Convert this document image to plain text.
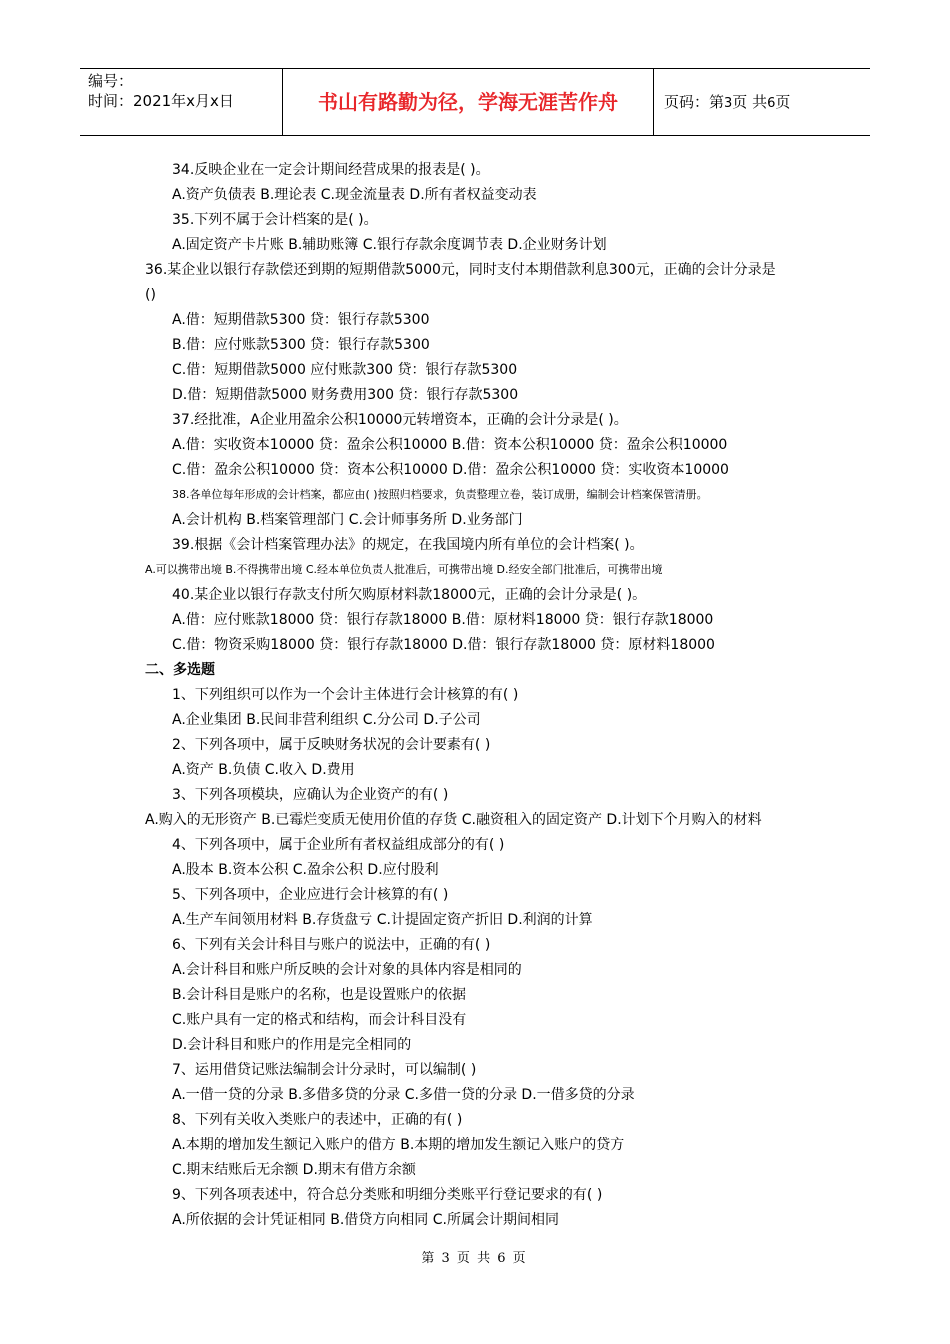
编号：
时间：2021年x月x日	书山有路勤为径，学海无涯苦作舟	页码：第3页 共6页
34.反映企业在一定会计期间经营成果的报表是( )。
A.资产负债表 B.理论表 C.现金流量表 D.所有者权益变动表
35.下列不属于会计档案的是( )。
A.固定资产卡片账 B.辅助账簿 C.银行存款余度调节表 D.企业财务计划
36.某企业以银行存款偿还到期的短期借款5000元，同时支付本期借款利息300元，正确的会计分录是
()
A.借：短期借款5300 贷：银行存款5300
B.借：应付账款5300 贷：银行存款5300
C.借：短期借款5000 应付账款300 贷：银行存款5300
D.借：短期借款5000 财务费用300 贷：银行存款5300
37.经批准，A企业用盈余公积10000元转增资本，正确的会计分录是( )。
A.借：实收资本10000 贷：盈余公积10000 B.借：资本公积10000 贷：盈余公积10000
C.借：盈余公积10000 贷：资本公积10000 D.借：盈余公积10000 贷：实收资本10000
38.各单位每年形成的会计档案，都应由( )按照归档要求，负责整理立卷，装订成册，编制会计档案保管清册。
A.会计机构 B.档案管理部门 C.会计师事务所 D.业务部门
39.根据《会计档案管理办法》的规定，在我国境内所有单位的会计档案( )。
A.可以携带出境 B.不得携带出境 C.经本单位负责人批准后，可携带出境 D.经安全部门批准后，可携带出境
40.某企业以银行存款支付所欠购原材料款18000元，正确的会计分录是( )。
A.借：应付账款18000 贷：银行存款18000 B.借：原材料18000 贷：银行存款18000
C.借：物资采购18000 贷：银行存款18000 D.借：银行存款18000 贷：原材料18000
二、多选题
1、下列组织可以作为一个会计主体进行会计核算的有( )
A.企业集团 B.民间非营利组织 C.分公司 D.子公司
2、下列各项中，属于反映财务状况的会计要素有( )
A.资产 B.负债 C.收入 D.费用
3、下列各项模块，应确认为企业资产的有( )
A.购入的无形资产 B.已霉烂变质无使用价值的存货 C.融资租入的固定资产 D.计划下个月购入的材料
4、下列各项中，属于企业所有者权益组成部分的有( )
A.股本 B.资本公积 C.盈余公积 D.应付股利
5、下列各项中，企业应进行会计核算的有( )
A.生产车间领用材料 B.存货盘亏 C.计提固定资产折旧 D.利润的计算
6、下列有关会计科目与账户的说法中，正确的有( )
A.会计科目和账户所反映的会计对象的具体内容是相同的
B.会计科目是账户的名称，也是设置账户的依据
C.账户具有一定的格式和结构，而会计科目没有
D.会计科目和账户的作用是完全相同的
7、运用借贷记账法编制会计分录时，可以编制( )
A.一借一贷的分录 B.多借多贷的分录 C.多借一贷的分录 D.一借多贷的分录
8、下列有关收入类账户的表述中，正确的有( )
A.本期的增加发生额记入账户的借方 B.本期的增加发生额记入账户的贷方
C.期末结账后无余额 D.期末有借方余额
9、下列各项表述中，符合总分类账和明细分类账平行登记要求的有( )
A.所依据的会计凭证相同 B.借贷方向相同 C.所属会计期间相同
第 3 页 共 6 页
